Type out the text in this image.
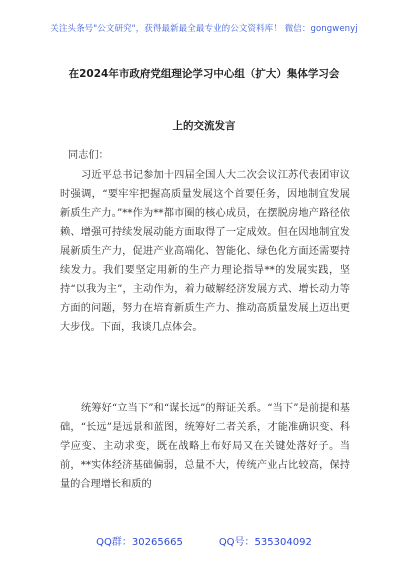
关注头条号"公文研究"，获得最新最全最专业的公文资料库！ 微信：gongwenyj
在2024年市政府党组理论学习中心组（扩大）集体学习会
上的交流发言
同志们：

习近平总书记参加十四届全国人大二次会议江苏代表团审议时强调，“要牢牢把握高质量发展这个首要任务，因地制宜发展新质生产力。”**作为**都市圈的核心成员，在摆脱房地产路径依赖、增强可持续发展动能方面取得了一定成效。但在因地制宜发展新质生产力，促进产业高端化、智能化、绿色化方面还需要持续发力。我们要坚定用新的生产力理论指导**的发展实践，坚持“以我为主”，主动作为，着力破解经济发展方式、增长动力等方面的问题，努力在培育新质生产力、推动高质量发展上迈出更大步伐。下面，我谈几点体会。

统筹好“立当下”和“谋长远”的辩证关系。“当下”是前提和基础，“长远”是远景和蓝图，统筹好二者关系，才能准确识变、科学应变、主动求变，既在战略上布好局又在关键处落好子。当前，**实体经济基础偏弱，总量不大，传统产业占比较高，保持量的合理增长和质的

QQ群：30265665	QQ号：535304092
